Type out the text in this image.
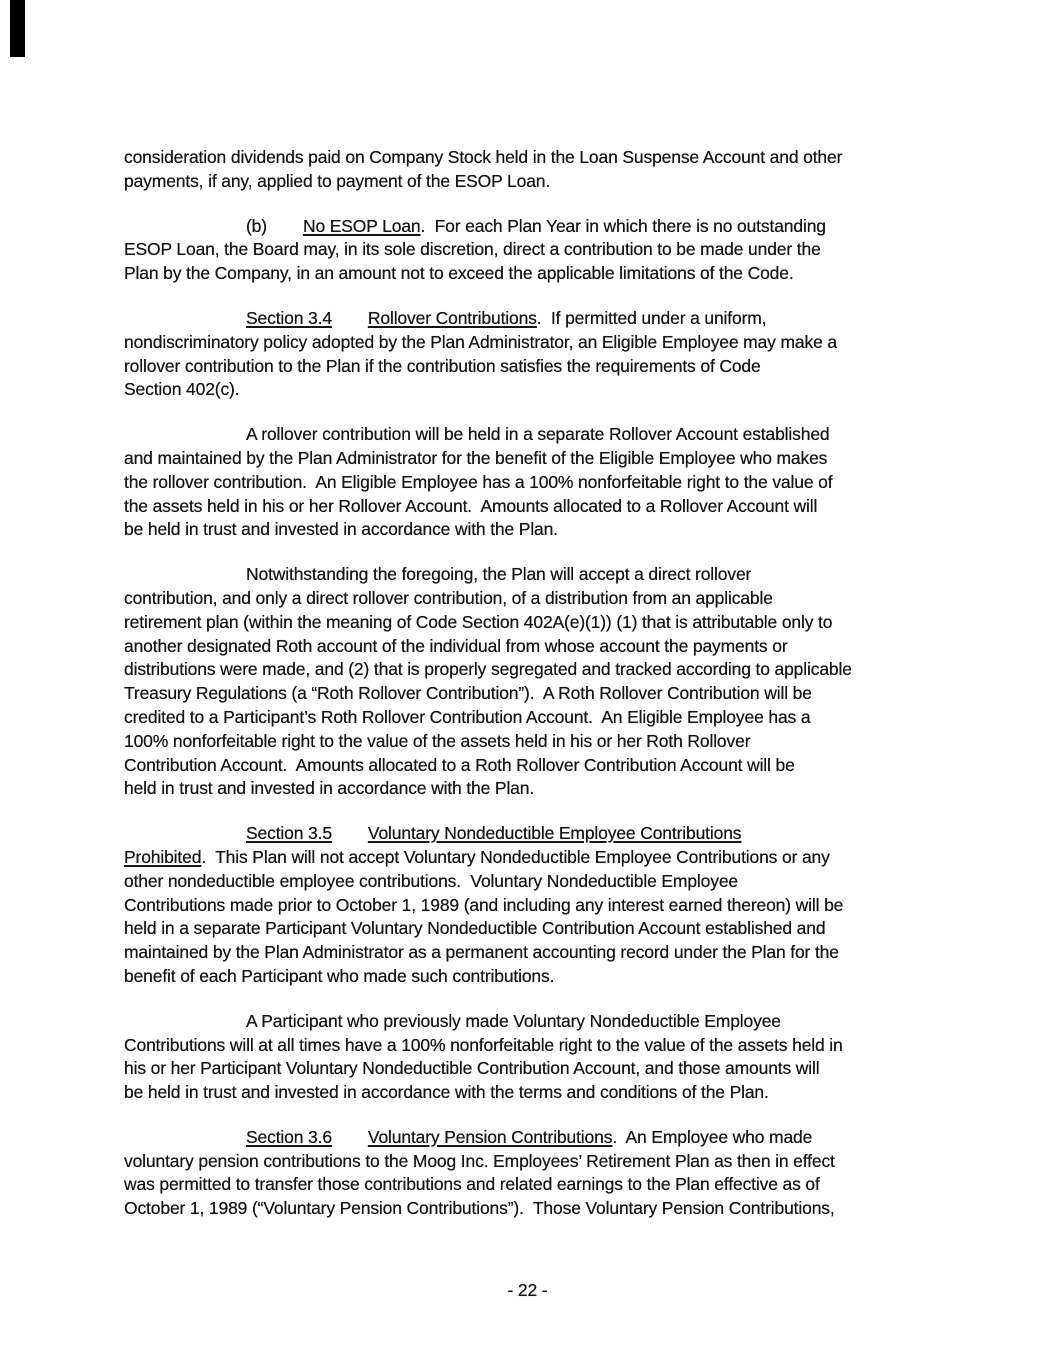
consideration dividends paid on Company Stock held in the Loan Suspense Account and other
payments, if any, applied to payment of the ESOP Loan.
(b) No ESOP Loan.  For each Plan Year in which there is no outstanding
ESOP Loan, the Board may, in its sole discretion, direct a contribution to be made under the
Plan by the Company, in an amount not to exceed the applicable limitations of the Code.
Section 3.4 Rollover Contributions.  If permitted under a uniform,
nondiscriminatory policy adopted by the Plan Administrator, an Eligible Employee may make a
rollover contribution to the Plan if the contribution satisfies the requirements of Code
Section 402(c).
A rollover contribution will be held in a separate Rollover Account established
and maintained by the Plan Administrator for the benefit of the Eligible Employee who makes
the rollover contribution.  An Eligible Employee has a 100% nonforfeitable right to the value of
the assets held in his or her Rollover Account.  Amounts allocated to a Rollover Account will
be held in trust and invested in accordance with the Plan.
Notwithstanding the foregoing, the Plan will accept a direct rollover
contribution, and only a direct rollover contribution, of a distribution from an applicable
retirement plan (within the meaning of Code Section 402A(e)(1)) (1) that is attributable only to
another designated Roth account of the individual from whose account the payments or
distributions were made, and (2) that is properly segregated and tracked according to applicable
Treasury Regulations (a “Roth Rollover Contribution”).  A Roth Rollover Contribution will be
credited to a Participant’s Roth Rollover Contribution Account.  An Eligible Employee has a
100% nonforfeitable right to the value of the assets held in his or her Roth Rollover
Contribution Account.  Amounts allocated to a Roth Rollover Contribution Account will be
held in trust and invested in accordance with the Plan.
Section 3.5 Voluntary Nondeductible Employee Contributions
Prohibited.  This Plan will not accept Voluntary Nondeductible Employee Contributions or any
other nondeductible employee contributions.  Voluntary Nondeductible Employee
Contributions made prior to October 1, 1989 (and including any interest earned thereon) will be
held in a separate Participant Voluntary Nondeductible Contribution Account established and
maintained by the Plan Administrator as a permanent accounting record under the Plan for the
benefit of each Participant who made such contributions.
A Participant who previously made Voluntary Nondeductible Employee
Contributions will at all times have a 100% nonforfeitable right to the value of the assets held in
his or her Participant Voluntary Nondeductible Contribution Account, and those amounts will
be held in trust and invested in accordance with the terms and conditions of the Plan.
Section 3.6 Voluntary Pension Contributions.  An Employee who made
voluntary pension contributions to the Moog Inc. Employees’ Retirement Plan as then in effect
was permitted to transfer those contributions and related earnings to the Plan effective as of
October 1, 1989 (“Voluntary Pension Contributions”).  Those Voluntary Pension Contributions,
- 22 -
